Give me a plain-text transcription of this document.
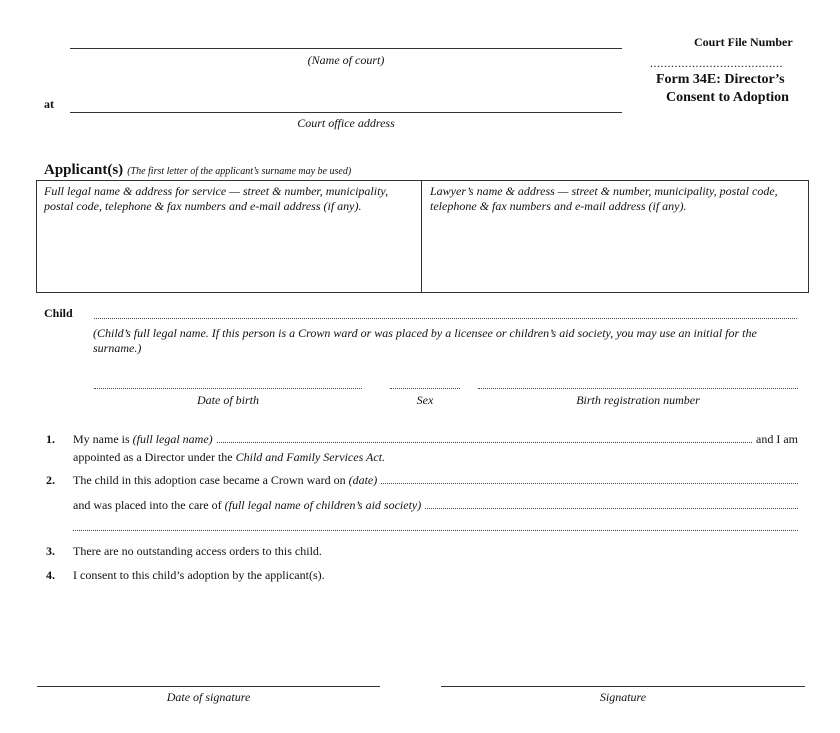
(Name of court)
at
Court office address
Court File Number
......................................
Form 34E: Director’s
Consent to Adoption
Applicant(s) (The first letter of the applicant’s surname may be used)
Full legal name & address for service — street & number, municipality, postal code, telephone & fax numbers and e-mail address (if any).
Lawyer’s name & address — street & number, municipality, postal code, telephone & fax numbers and e-mail address (if any).
Child
(Child’s full legal name. If this person is a Crown ward or was placed by a licensee or children’s aid society, you may use an initial for the surname.)
Date of birth	Sex	Birth registration number
1. My name is
(full legal name)	and I am
appointed as a Director under the Child and Family Services Act.
2. The child in this adoption case became a Crown ward on
(date)
and was placed into the care of
(full legal name of children’s aid society)
3. There are no outstanding access orders to this child.
4. I consent to this child’s adoption by the applicant(s).
Date of signature	Signature
